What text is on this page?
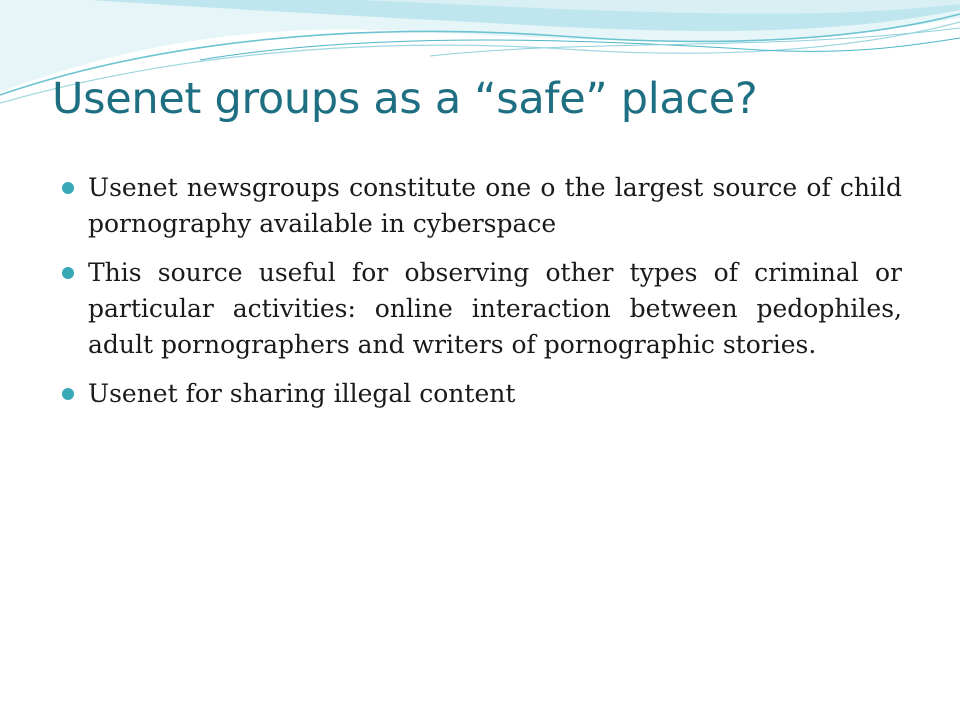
Usenet groups as a “safe” place?
Usenet newsgroups constitute one o the largest source of child pornography available in cyberspace
This source useful for observing other types of criminal or particular activities: online interaction between pedophiles, adult pornographers and writers of pornographic stories.
Usenet for sharing illegal content
